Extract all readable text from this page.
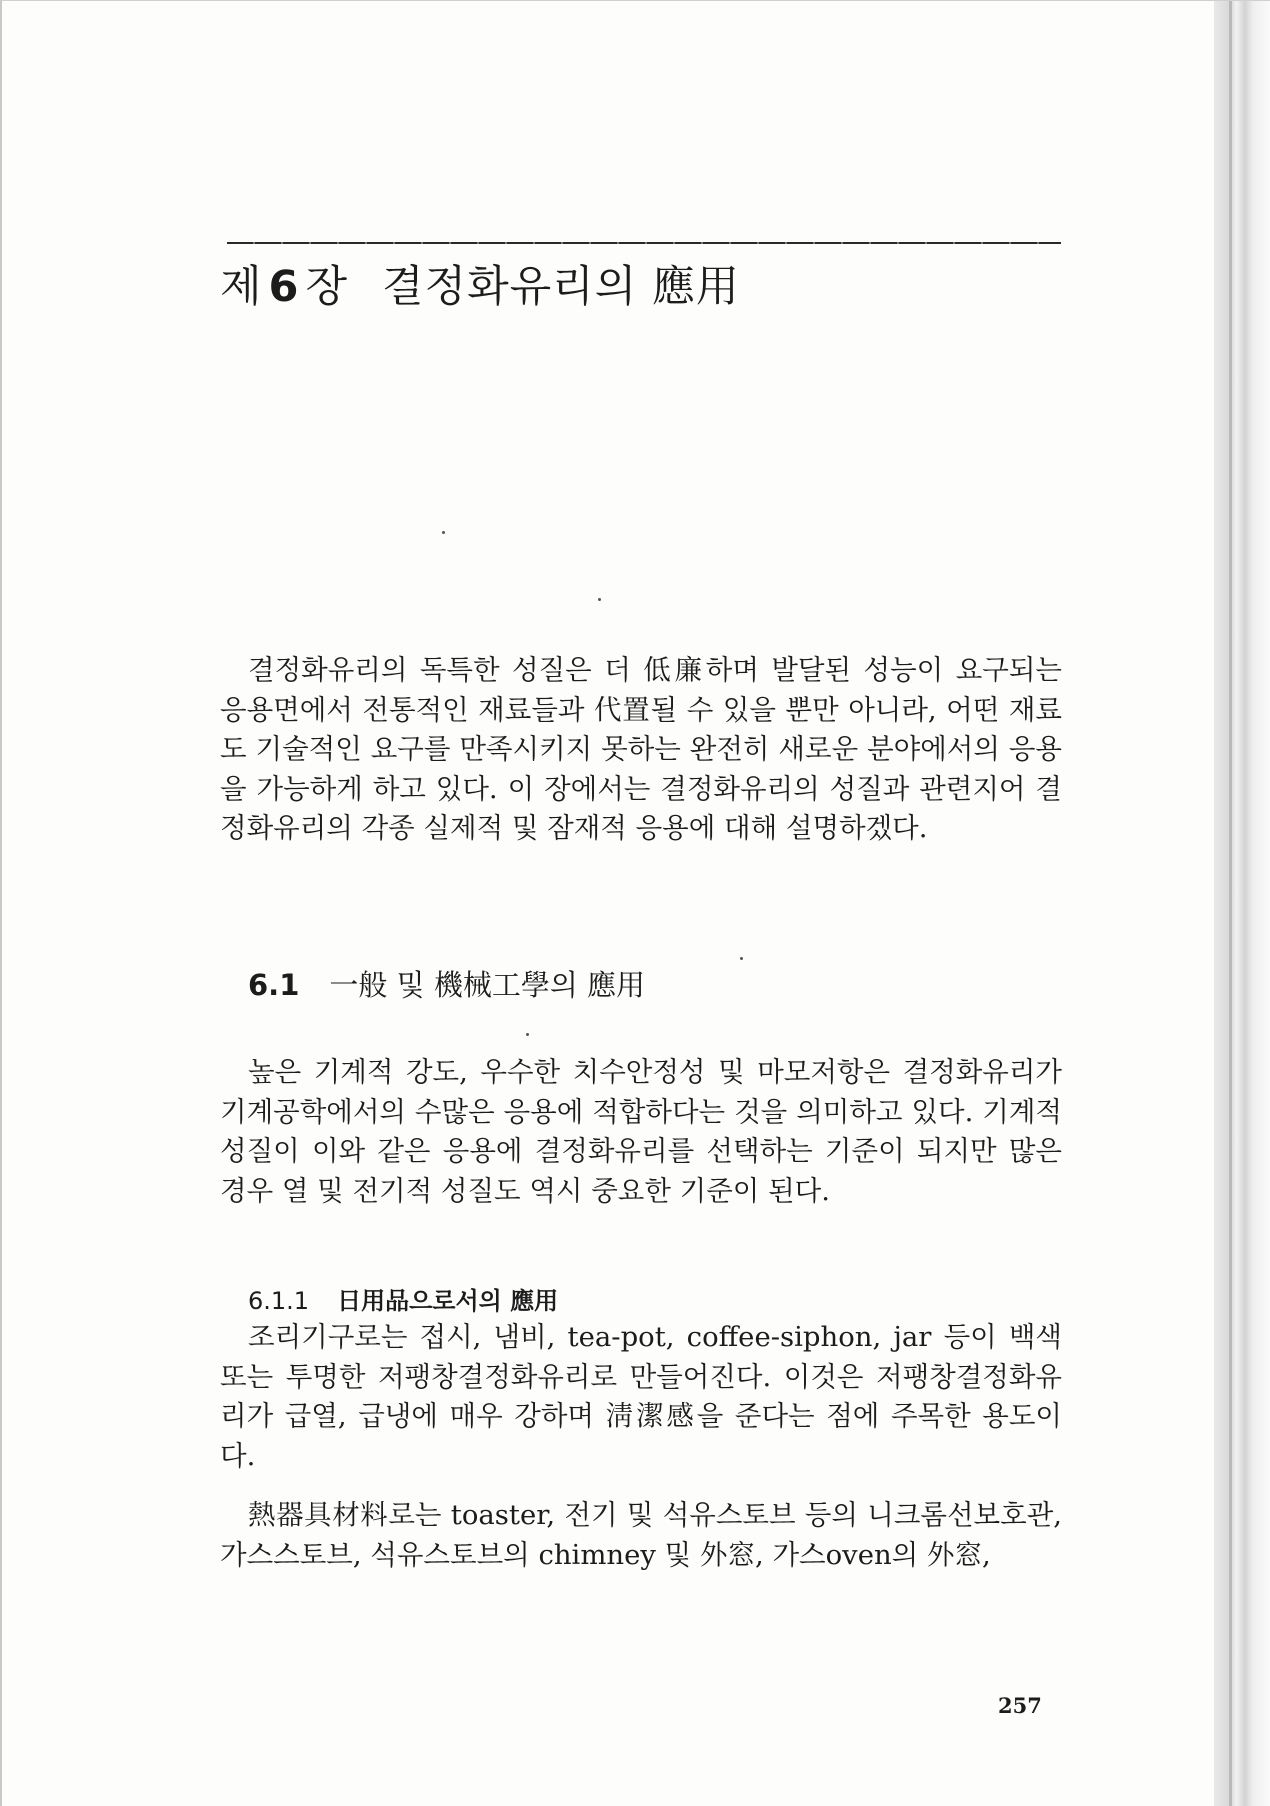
제 6 장 결정화유리의 應用

결정화유리의 독특한 성질은 더 低廉하며 발달된 성능이 요구되는 응용면에서 전통적인 재료들과 代置될 수 있을 뿐만 아니라, 어떤 재료도 기술적인 요구를 만족시키지 못하는 완전히 새로운 분야에서의 응용을 가능하게 하고 있다. 이 장에서는 결정화유리의 성질과 관련지어 결정화유리의 각종 실제적 및 잠재적 응용에 대해 설명하겠다.

6.1 一般 및 機械工學의 應用

높은 기계적 강도, 우수한 치수안정성 및 마모저항은 결정화유리가 기계공학에서의 수많은 응용에 적합하다는 것을 의미하고 있다. 기계적 성질이 이와 같은 응용에 결정화유리를 선택하는 기준이 되지만 많은 경우 열 및 전기적 성질도 역시 중요한 기준이 된다.

6.1.1 日用品으로서의 應用

조리기구로는 접시, 냄비, tea-pot, coffee-siphon, jar 등이 백색 또는 투명한 저팽창결정화유리로 만들어진다. 이것은 저팽창결정화유리가 급열, 급냉에 매우 강하며 淸潔感을 준다는 점에 주목한 용도이다.

熱器具材料로는 toaster, 전기 및 석유스토브 등의 니크롬선보호관, 가스스토브, 석유스토브의 chimney 및 外窓, 가스oven의 外窓,

257
